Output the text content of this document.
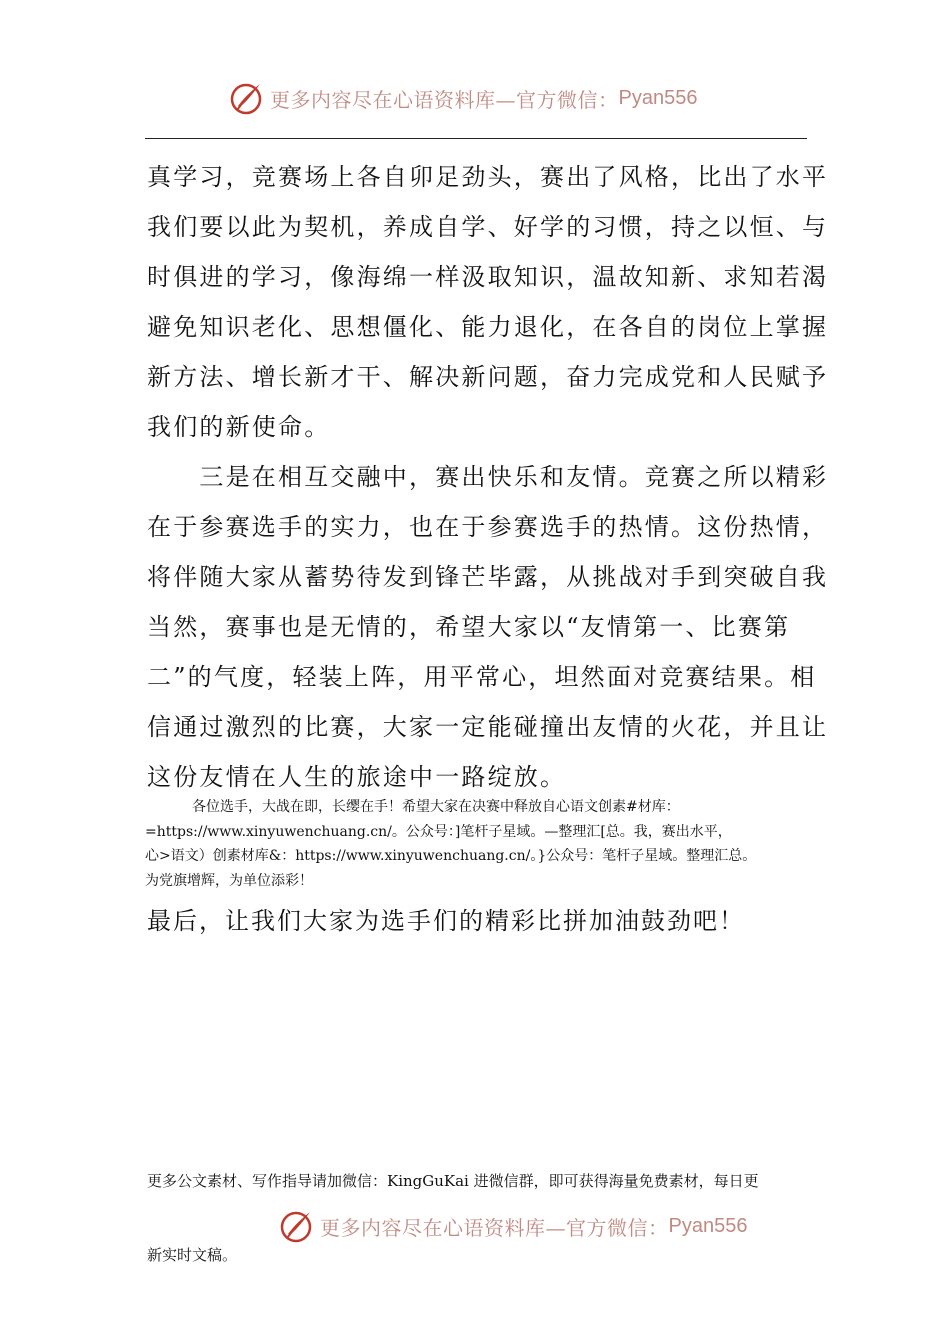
更多内容尽在心语资料库—官方微信： Pyan556
真学习，竞赛场上各自卯足劲头，赛出了风格，比出了水平
我们要以此为契机，养成自学、好学的习惯，持之以恒、与
时俱进的学习，像海绵一样汲取知识，温故知新、求知若渴
避免知识老化、思想僵化、能力退化，在各自的岗位上掌握
新方法、增长新才干、解决新问题，奋力完成党和人民赋予
我们的新使命。
　　三是在相互交融中，赛出快乐和友情。竞赛之所以精彩
在于参赛选手的实力，也在于参赛选手的热情。这份热情，
将伴随大家从蓄势待发到锋芒毕露，从挑战对手到突破自我
当然，赛事也是无情的，希望大家以“友情第一、比赛第
二”的气度，轻装上阵，用平常心，坦然面对竞赛结果。相
信通过激烈的比赛，大家一定能碰撞出友情的火花，并且让
这份友情在人生的旅途中一路绽放。
各位选手，大战在即，长缨在手！希望大家在决赛中释放自心语文创素#材库：
=https://www.xinyuwenchuang.cn/。公众号：]笔杆子星域。—整理汇[总。我，赛出水平，
心>语文）创素材库&：https://www.xinyuwenchuang.cn/。}公众号：笔杆子星域。整理汇总。
为党旗增辉，为单位添彩！
最后，让我们大家为选手们的精彩比拼加油鼓劲吧！
更多公文素材、写作指导请加微信：KingGuKai 进微信群，即可获得海量免费素材，每日更
更多内容尽在心语资料库—官方微信： Pyan556
新实时文稿。
